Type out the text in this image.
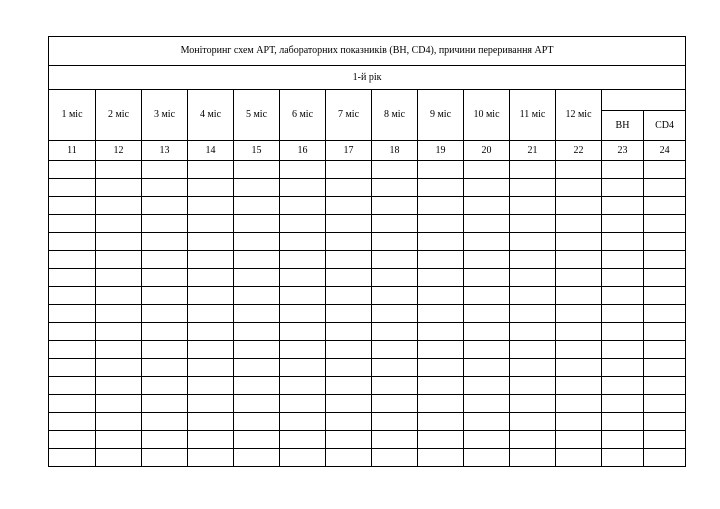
Моніторинг схем АРТ, лабораторних показників (ВН, CD4), причини переривання АРТ													
1-й рік													
1 міс	2 міс	3 міс	4 міс	5 міс	6 міс	7 міс	8 міс	9 міс	10 міс	11 міс	12 міс		
												ВН	CD4
11	12	13	14	15	16	17	18	19	20	21	22	23	24
